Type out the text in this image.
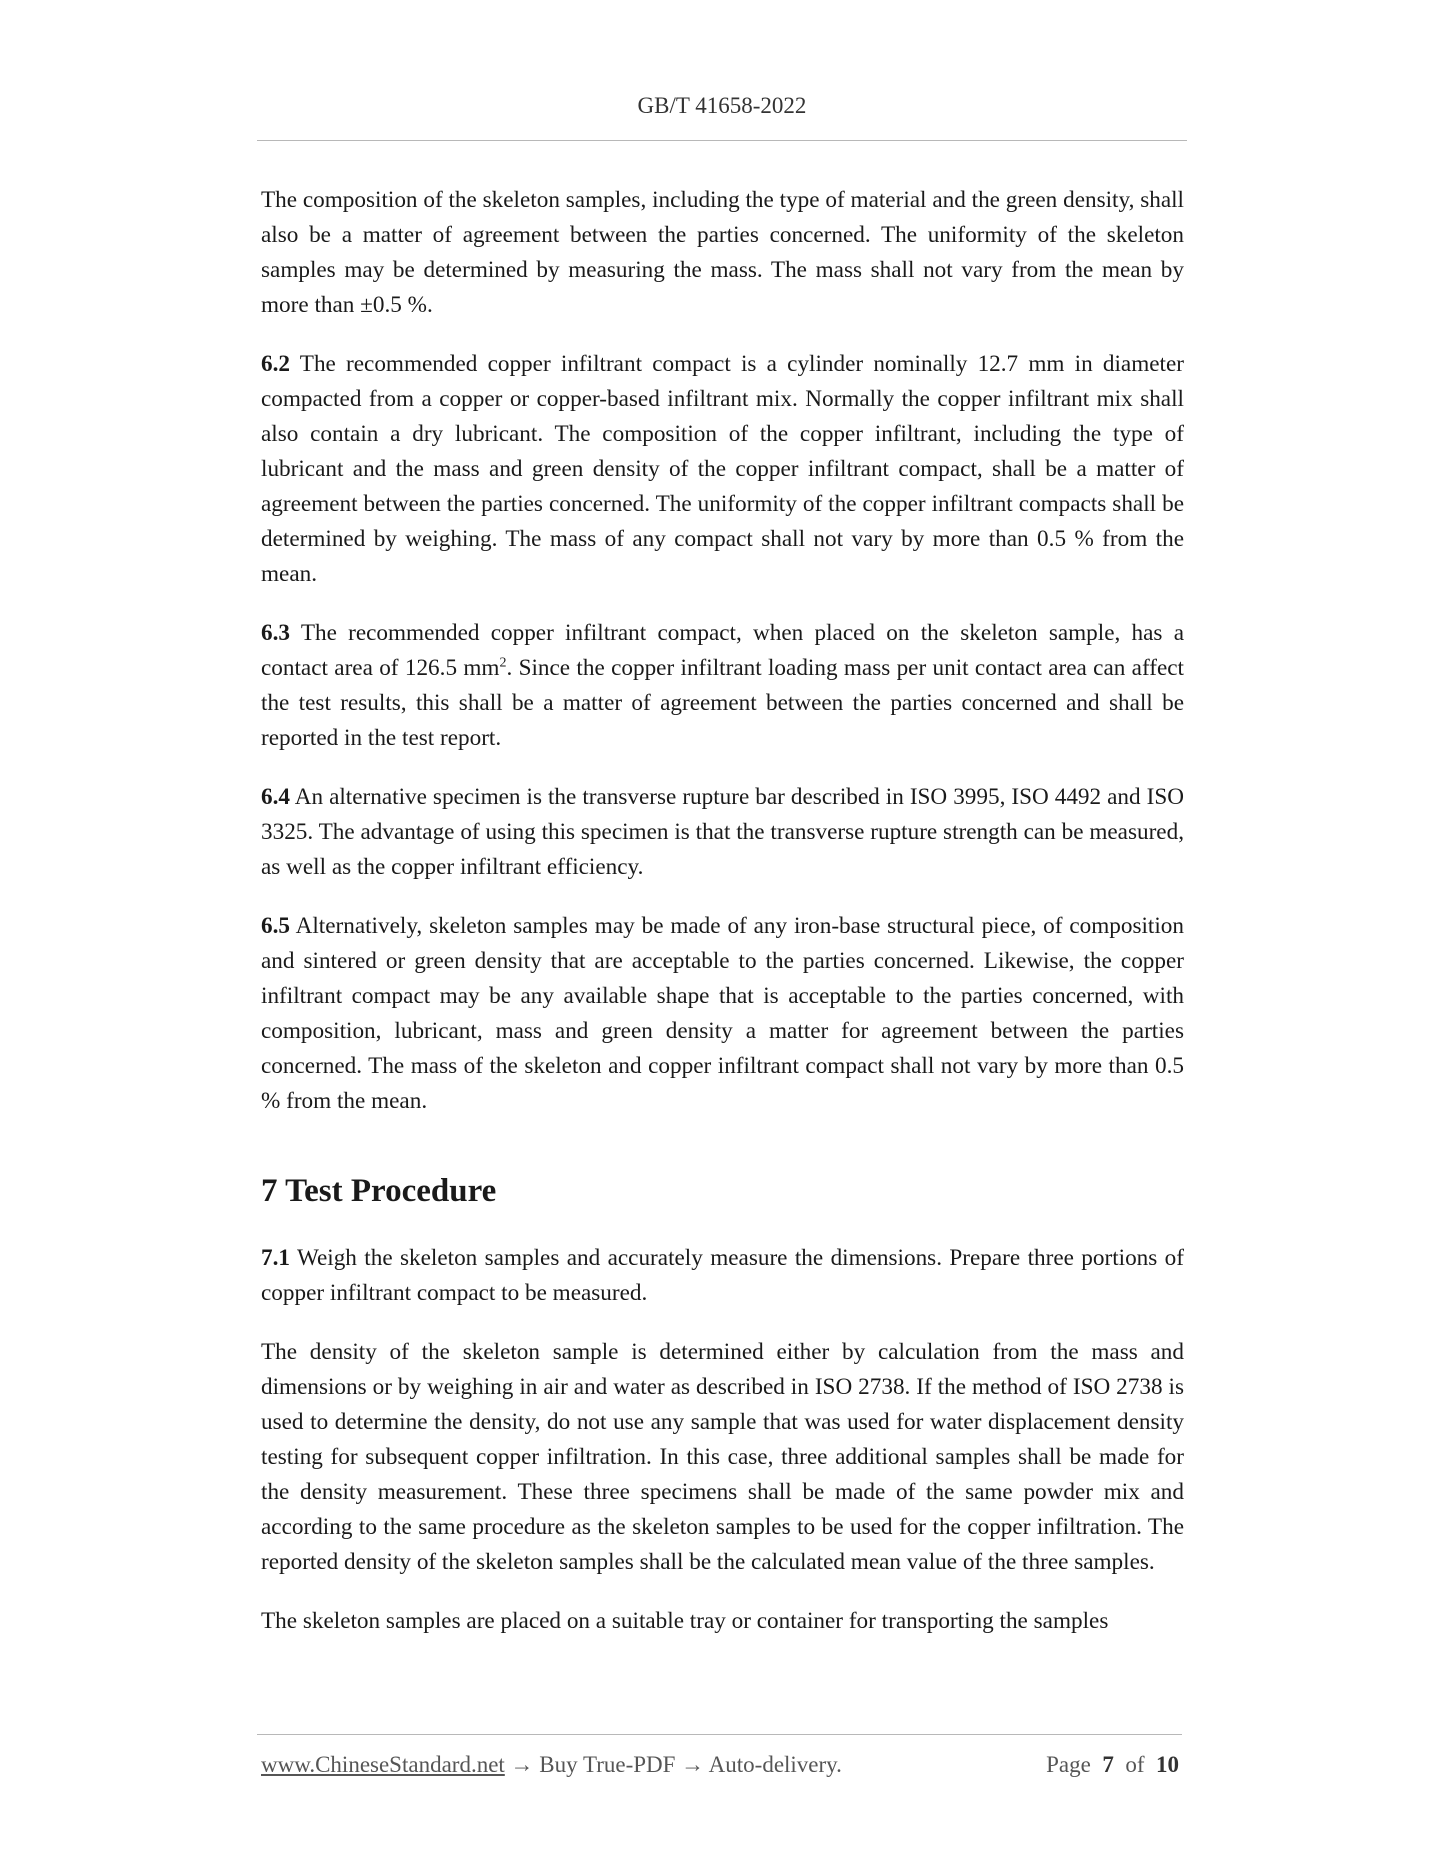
GB/T 41658-2022

The composition of the skeleton samples, including the type of material and the green density, shall also be a matter of agreement between the parties concerned. The uniformity of the skeleton samples may be determined by measuring the mass. The mass shall not vary from the mean by more than ±0.5 %.

6.2 The recommended copper infiltrant compact is a cylinder nominally 12.7 mm in diameter compacted from a copper or copper-based infiltrant mix. Normally the copper infiltrant mix shall also contain a dry lubricant. The composition of the copper infiltrant, including the type of lubricant and the mass and green density of the copper infiltrant compact, shall be a matter of agreement between the parties concerned. The uniformity of the copper infiltrant compacts shall be determined by weighing. The mass of any compact shall not vary by more than 0.5 % from the mean.

6.3 The recommended copper infiltrant compact, when placed on the skeleton sample, has a contact area of 126.5 $mm^2$. Since the copper infiltrant loading mass per unit contact area can affect the test results, this shall be a matter of agreement between the parties concerned and shall be reported in the test report.

6.4 An alternative specimen is the transverse rupture bar described in ISO 3995, ISO 4492 and ISO 3325. The advantage of using this specimen is that the transverse rupture strength can be measured, as well as the copper infiltrant efficiency.

6.5 Alternatively, skeleton samples may be made of any iron-base structural piece, of composition and sintered or green density that are acceptable to the parties concerned. Likewise, the copper infiltrant compact may be any available shape that is acceptable to the parties concerned, with composition, lubricant, mass and green density a matter for agreement between the parties concerned. The mass of the skeleton and copper infiltrant compact shall not vary by more than 0.5 % from the mean.

7 Test Procedure

7.1 Weigh the skeleton samples and accurately measure the dimensions. Prepare three portions of copper infiltrant compact to be measured.

The density of the skeleton sample is determined either by calculation from the mass and dimensions or by weighing in air and water as described in ISO 2738. If the method of ISO 2738 is used to determine the density, do not use any sample that was used for water displacement density testing for subsequent copper infiltration. In this case, three additional samples shall be made for the density measurement. These three specimens shall be made of the same powder mix and according to the same procedure as the skeleton samples to be used for the copper infiltration. The reported density of the skeleton samples shall be the calculated mean value of the three samples.

The skeleton samples are placed on a suitable tray or container for transporting the samples

www.ChineseStandard.net → Buy True-PDF → Auto-delivery.	Page 7 of 10
